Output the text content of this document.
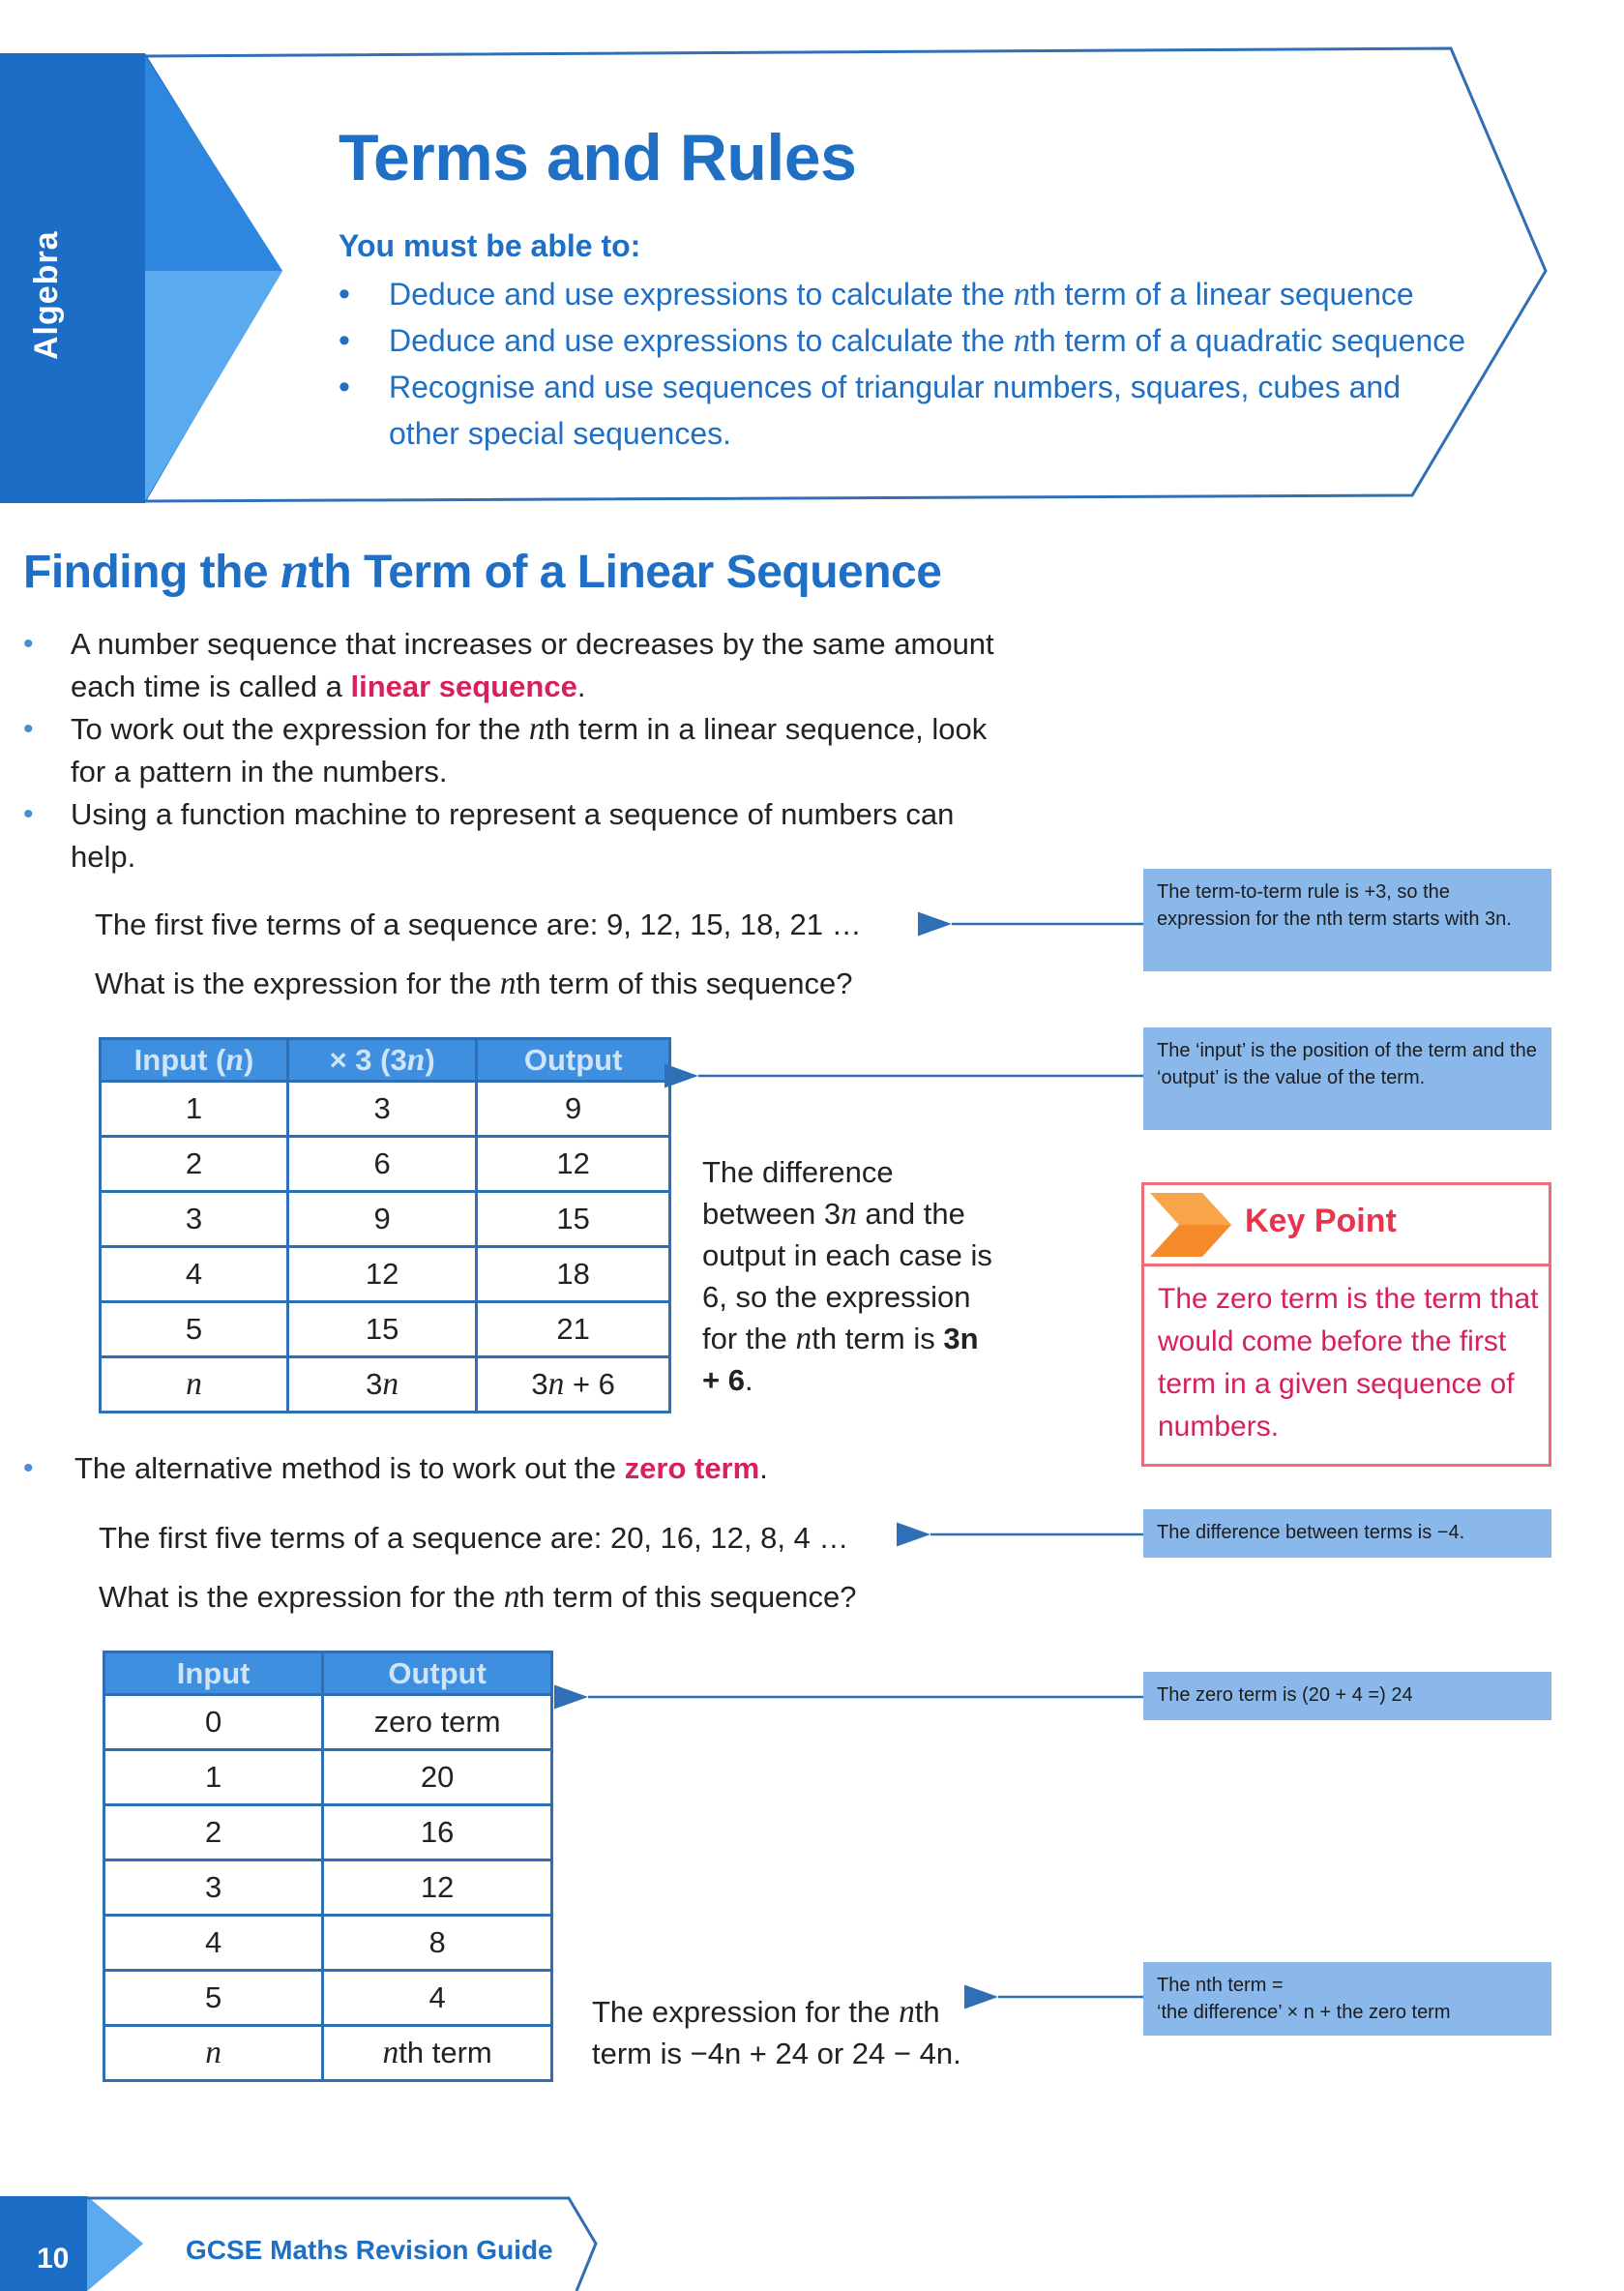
Algebra
Terms and Rules
You must be able to:
• Deduce and use expressions to calculate the nth term of a linear sequence
• Deduce and use expressions to calculate the nth term of a quadratic sequence
• Recognise and use sequences of triangular numbers, squares, cubes and other special sequences.
Finding the nth Term of a Linear Sequence
• A number sequence that increases or decreases by the same amount each time is called a linear sequence.
• To work out the expression for the nth term in a linear sequence, look for a pattern in the numbers.
• Using a function machine to represent a sequence of numbers can help.
The first five terms of a sequence are: 9, 12, 15, 18, 21 …
What is the expression for the nth term of this sequence?
Input (n)	× 3 (3n)	Output
1	3	9
2	6	12
3	9	15
4	12	18
5	15	21
n	3n	3n + 6
The difference between 3n and the output in each case is 6, so the expression for the nth term is 3n + 6.
• The alternative method is to work out the zero term.
The first five terms of a sequence are: 20, 16, 12, 8, 4 …
What is the expression for the nth term of this sequence?
Input	Output
0	zero term
1	20
2	16
3	12
4	8
5	4
n	nth term
The expression for the nth
term is −4n + 24 or 24 − 4n.
The term-to-term rule is +3, so the expression for the nth term starts with 3n.
The ‘input’ is the position of the term and the ‘output’ is the value of the term.
The difference between terms is −4.
The zero term is (20 + 4 =) 24
The nth term =
‘the difference’ × n + the zero term
Key Point
The zero term is the term that would come before the first term in a given sequence of numbers.
10	GCSE Maths Revision Guide
